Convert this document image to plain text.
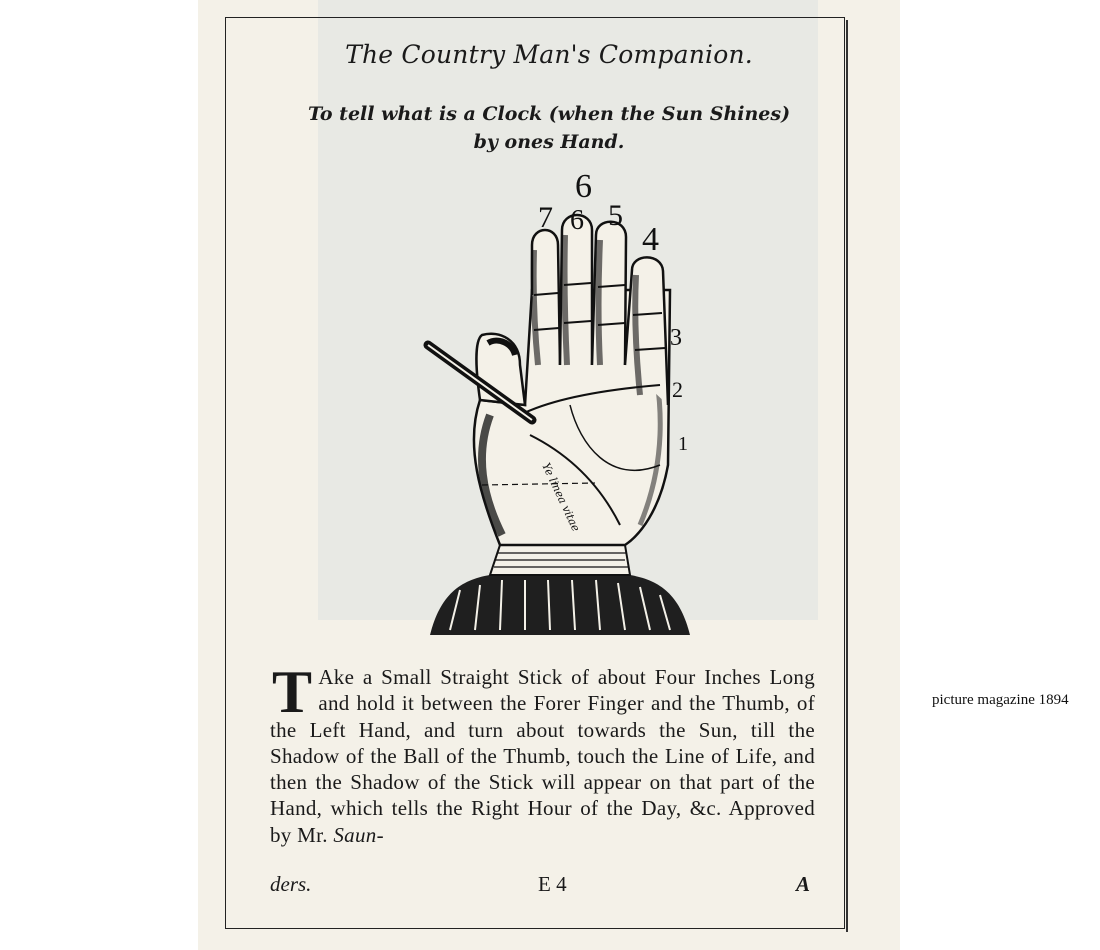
The Country Man's Companion.
To tell what is a Clock (when the Sun Shines)
by ones Hand.
Ye linea vitae
6
7 6 5
4
3
2
1
T Ake a Small Straight Stick of about Four Inches Long and hold it between the Forer Finger and the Thumb, of the Left Hand, and turn about towards the Sun, till the Shadow of the Ball of the Thumb, touch the Line of Life, and then the Shadow of the Stick will appear on that part of the Hand, which tells the Right Hour of the Day, &c. Approved by Mr. Saun-
ders.	E 4	A
picture magazine 1894
